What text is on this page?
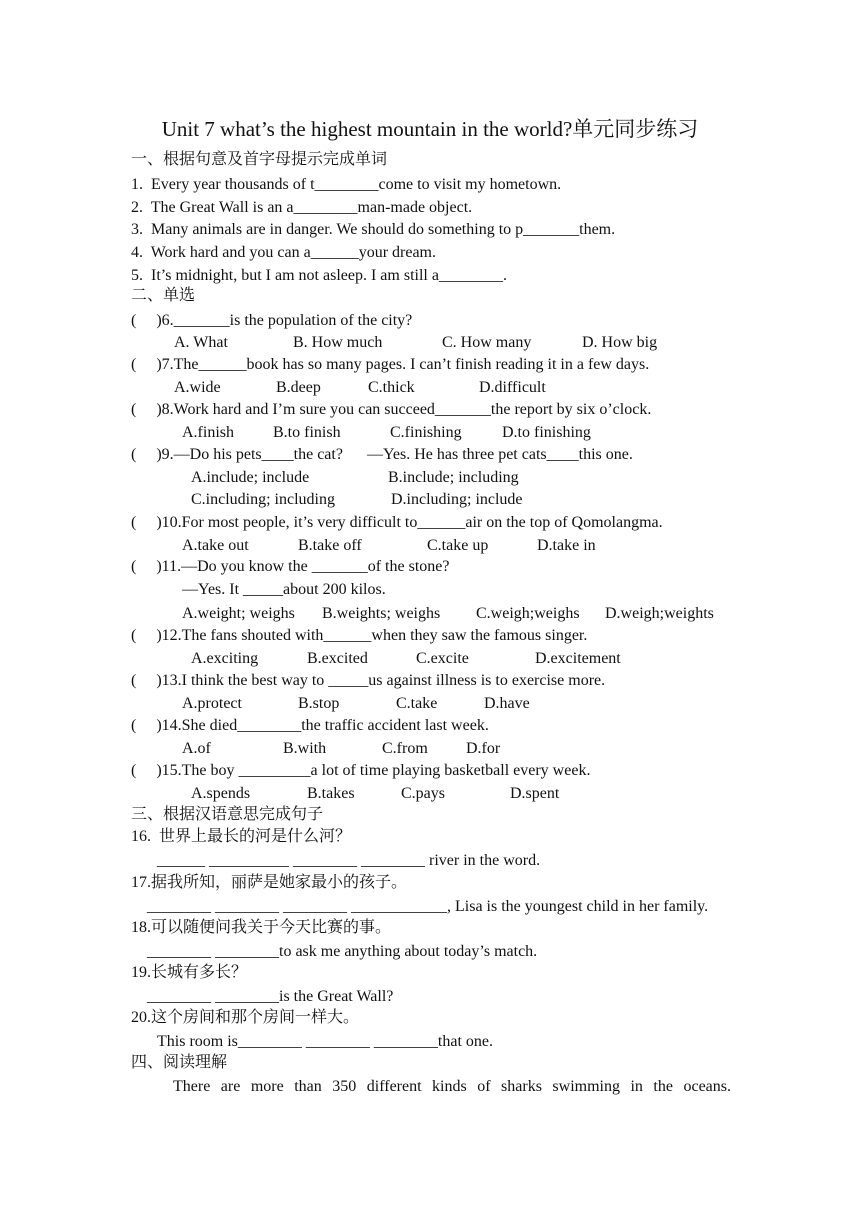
Unit 7 what’s the highest mountain in the world?单元同步练习
一、根据句意及首字母提示完成单词
1.  Every year thousands of t________come to visit my hometown.
2.  The Great Wall is an a________man-made object.
3.  Many animals are in danger. We should do something to p_______them.
4.  Work hard and you can a______your dream.
5.  It’s midnight, but I am not asleep. I am still a________.
二、单选
(     )6._______is the population of the city?
A. What	B. How much	C. How many	D. How big
(     )7.The______book has so many pages. I can’t finish reading it in a few days.
A.wide	B.deep	C.thick	D.difficult
(     )8.Work hard and I’m sure you can succeed_______the report by six o’clock.
A.finish B.to finish	C.finishing	D.to finishing
(     )9.—Do his pets____the cat?      —Yes. He has three pet cats____this one.
A.include; include	B.include; including
C.including; including	D.including; include
(     )10.For most people, it’s very difficult to______air on the top of Qomolangma.
A.take out	B.take off	C.take up	D.take in
(     )11.—Do you know the _______of the stone?
—Yes. It _____about 200 kilos.
A.weight; weighs B.weights; weighs C.weigh;weighs D.weigh;weights
(     )12.The fans shouted with______when they saw the famous singer.
A.exciting	B.excited	C.excite	D.excitement
(     )13.I think the best way to _____us against illness is to exercise more.
A.protect	B.stop	C.take	D.have
(     )14.She died________the traffic accident last week.
A.of	B.with	C.from D.for
(     )15.The boy _________a lot of time playing basketball every week.
A.spends	B.takes	C.pays	D.spent
三、根据汉语意思完成句子
16.  世界上最长的河是什么河？
______ __________ ________ ________ river in the word.
17.据我所知，丽萨是她家最小的孩子。
________ ________ ________ ____________, Lisa is the youngest child in her family.
18.可以随便问我关于今天比赛的事。
________ ________to ask me anything about today’s match.
19.长城有多长？
________ ________is the Great Wall?
20.这个房间和那个房间一样大。
This room is________ ________ ________that one.
四、阅读理解
There are more than 350 different kinds of sharks swimming in the oceans.
